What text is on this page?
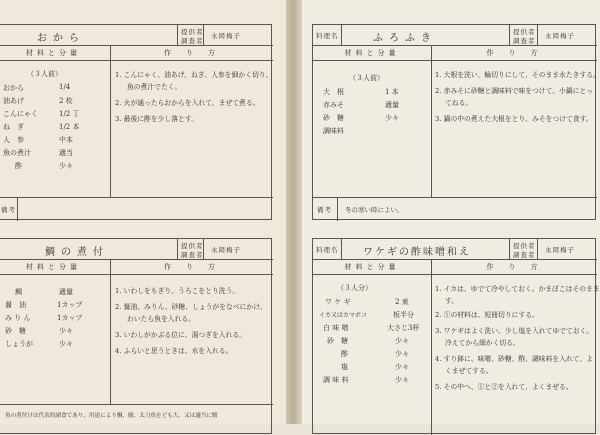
おから
提供者
調査者
永岡梅子
材料と分量	作　り　方
備考
（３人前）
おから	1/4
油あげ	2 枚
こんにゃく	1/2 丁
ね　ぎ	1/2 本
人　参	中本
魚の煮汁	適当
酢	少々
1. こんにゃく、油あげ、ねぎ、人参を細かく切り、
魚の煮汁でたく。
2. 火が通ったらおからを入れて、まぜて煮る。
3. 最後に酢を少し落とす。
料理名	ふろふき
提供者
調査者
永岡梅子
材料と分量	作　り　方
備考 冬の寒い時によい。
（３人前）
大　根	1 本
赤みそ	適量
砂　糖	少々
調味料
1. 大根を洗い、輪切りにして、そのまま水たきする。
2. 赤みそに砂糖と調味料で味をつけて、小鍋にとっ
てねる。
3. 鍋の中の煮えた大根をとり、みそをつけて食す。
鯛の煮付
提供者
調査者
永岡梅子
材料と分量	作　り　方
魚の煮付けは代表的副食であり、用途により鯛、鯖、太刀魚をども大、又は適当に鯖
鯛	適量
醤　油	1カップ
み り ん	1カップ
砂　糖	少々
しょうが	少々
1. いわしをもぎり、うろこをとり洗う。
2. 醤油、みりん、砂糖、しょうがをなべにかけ、
わいたら魚を入れる。
3. いわしがかぶる位に、湯つぎを入れる。
4. ふらいと思うときは、水を入れる。
料理名 ワケギの酢味噌和え
提供者
調査者
永岡梅子
材料と分量	作　り　方
（３人分）
ワ ケ ギ	2 束
イカ又はカマボコ	板半分
白 味 噌	大さじ3杯
砂　糖	少々
酢	少々
塩	少々
調 味 料	少々
1. イカは、ゆでて冷やしておく。かまぼこはそのまま
す。
2. ①の材料は、短冊切りにする。
3. ワケギはよく洗い、少し塩を入れてゆでておく。
冷えてから細かく切る。
4. すり鉢に、味噌、砂糖、酢、調味料を入れて、よ
くまぜてする。
5. その中へ、①と②を入れて、よくまぜる。
